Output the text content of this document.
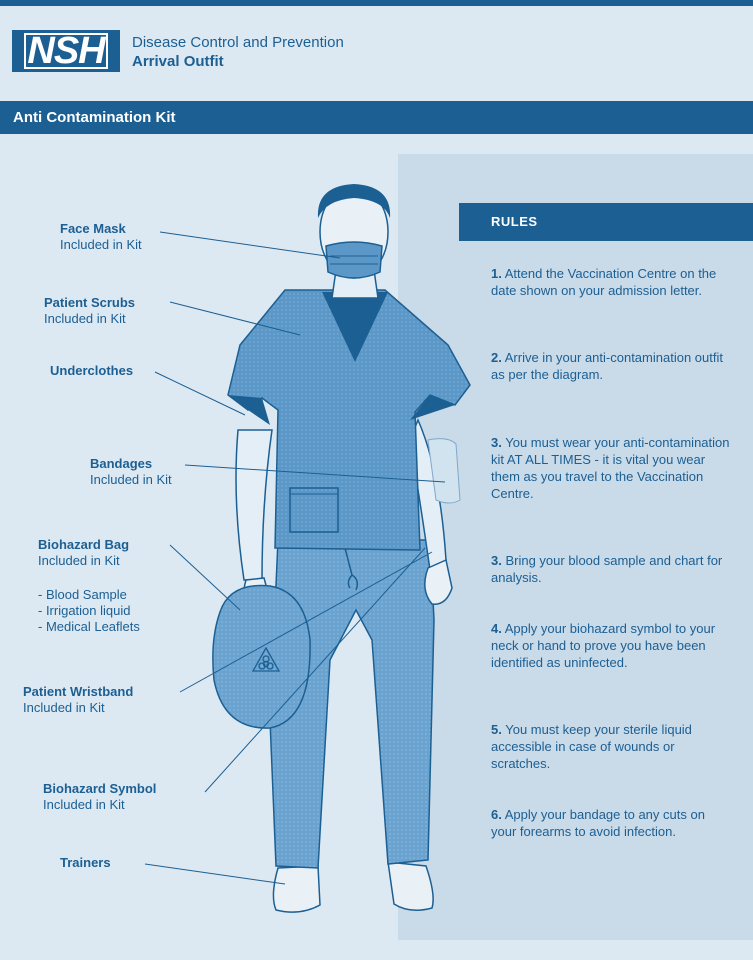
NSH Disease Control and Prevention
Arrival Outfit
Anti Contamination Kit
Face Mask
Included in Kit
Patient Scrubs
Included in Kit
Underclothes
Bandages
Included in Kit
Biohazard Bag
Included in Kit
- Blood Sample
- Irrigation liquid
- Medical Leaflets
Patient Wristband
Included in Kit
Biohazard Symbol
Included in Kit
Trainers
RULES
1. Attend the Vaccination Centre on the date shown on your admission letter.
2. Arrive in your anti-contamination outfit as per the diagram.
3. You must wear your anti-contamination kit AT ALL TIMES - it is vital you wear them as you travel to the Vaccination Centre.
3. Bring your blood sample and chart for analysis.
4. Apply your biohazard symbol to your neck or hand to prove you have been identified as uninfected.
5. You must keep your sterile liquid accessible in case of wounds or scratches.
6. Apply your bandage to any cuts on your forearms to avoid infection.
